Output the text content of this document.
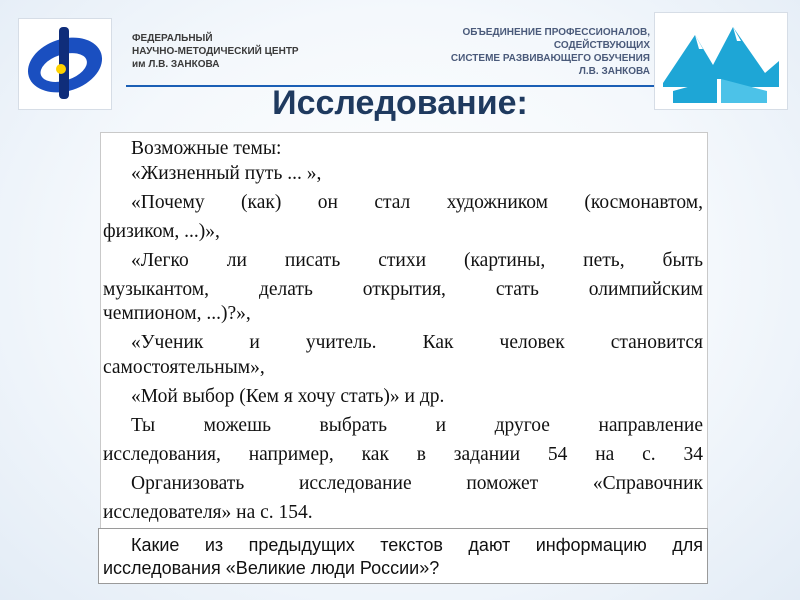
ФЕДЕРАЛЬНЫЙ
НАУЧНО-МЕТОДИЧЕСКИЙ ЦЕНТР
им Л.В. ЗАНКОВА
ОБЪЕДИНЕНИЕ ПРОФЕССИОНАЛОВ,
СОДЕЙСТВУЮЩИХ
СИСТЕМЕ РАЗВИВАЮЩЕГО ОБУЧЕНИЯ
Л.В. ЗАНКОВА
Исследование:
Возможные темы:
«Жизненный путь ... »,
«Почему (как) он стал художником (космонавтом,
физиком, ...)»,
«Легко ли писать стихи (картины, петь, быть
музыкантом, делать открытия, стать олимпийским
чемпионом, ...)?»,
«Ученик и учитель. Как человек становится
самостоятельным»,
«Мой выбор (Кем я хочу стать)» и др.
Ты можешь выбрать и другое направление
исследования, например, как в задании 54 на с. 34
Организовать исследование поможет «Справочник
исследователя» на с. 154.
Какие из предыдущих текстов дают информацию для
исследования «Великие люди России»?
